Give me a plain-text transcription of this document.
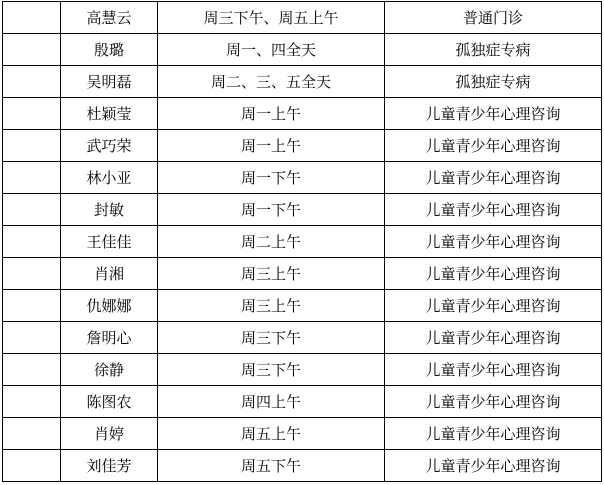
	高慧云	周三下午、周五上午	普通门诊
	殷璐	周一、四全天	孤独症专病
	吴明磊	周二、三、五全天	孤独症专病
	杜颖莹	周一上午	儿童青少年心理咨询
	武巧荣	周一上午	儿童青少年心理咨询
	林小亚	周一下午	儿童青少年心理咨询
	封敏	周一下午	儿童青少年心理咨询
	王佳佳	周二上午	儿童青少年心理咨询
	肖湘	周三上午	儿童青少年心理咨询
	仇娜娜	周三上午	儿童青少年心理咨询
	詹明心	周三下午	儿童青少年心理咨询
	徐静	周三下午	儿童青少年心理咨询
	陈图农	周四上午	儿童青少年心理咨询
	肖婷	周五上午	儿童青少年心理咨询
	刘佳芳	周五下午	儿童青少年心理咨询
